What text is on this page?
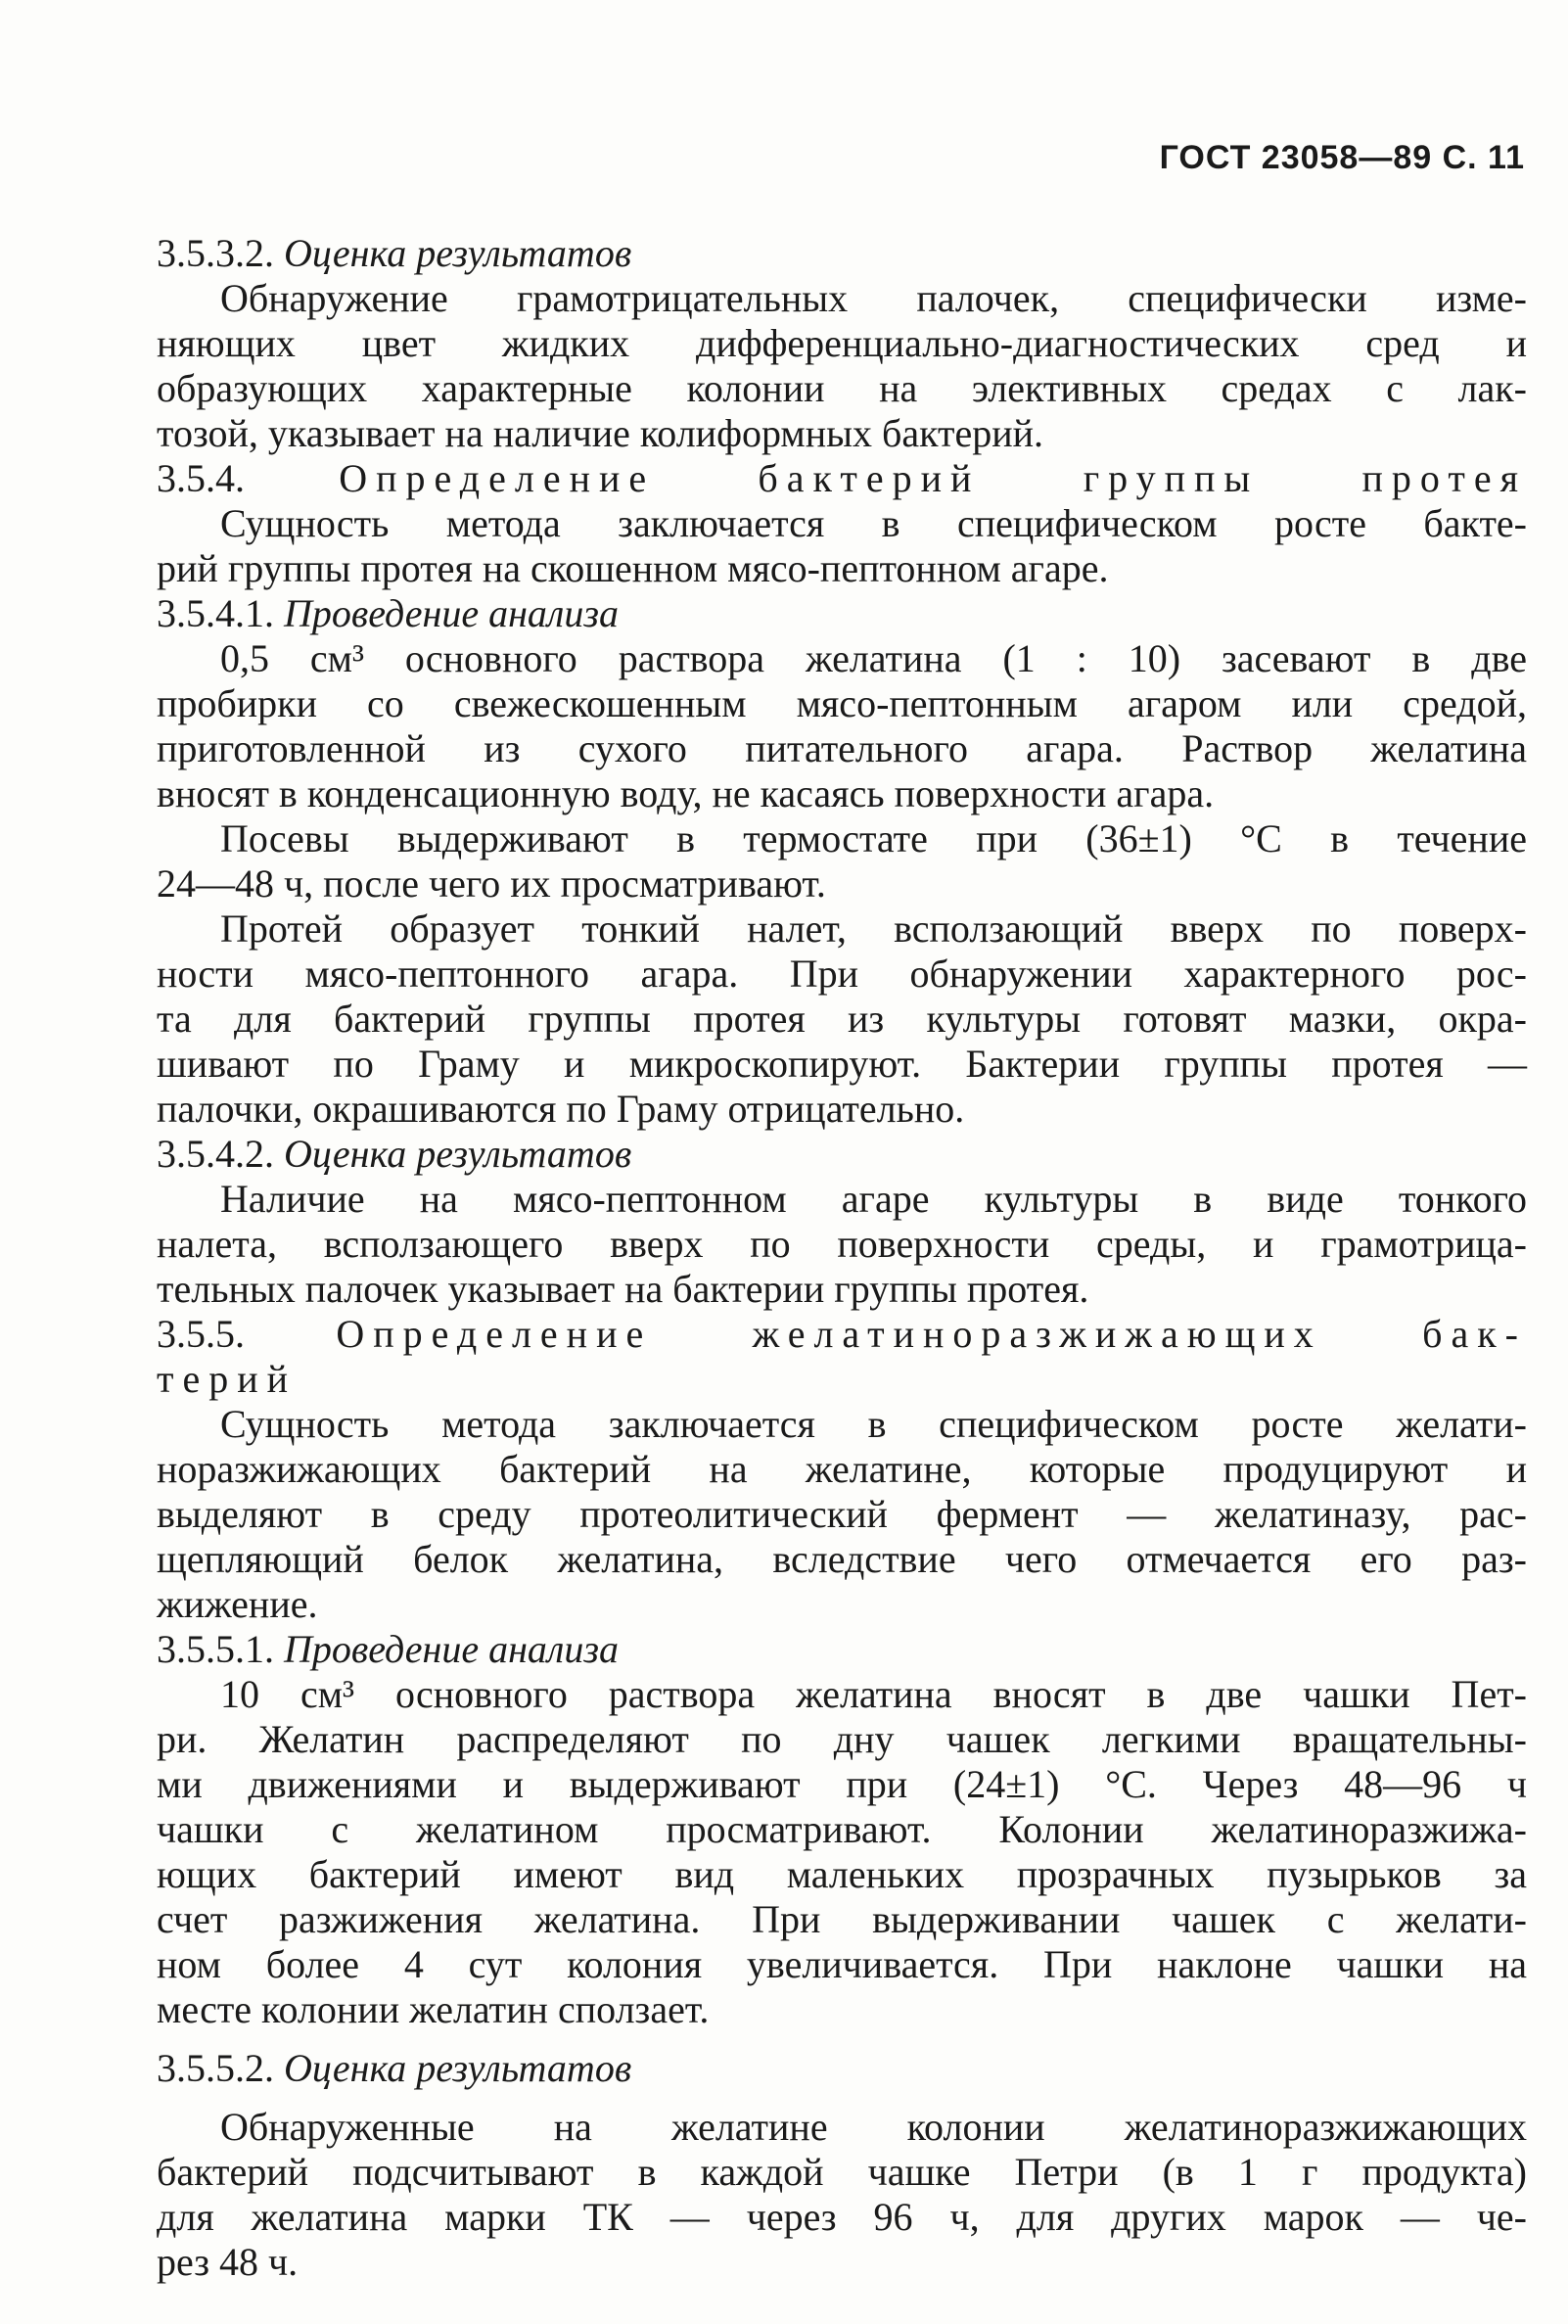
ГОСТ 23058—89 С. 11
3.5.3.2. Оценка результатов
Обнаружение грамотрицательных палочек, специфически изме-
няющих цвет жидких дифференциально-диагностических сред и
образующих характерные колонии на элективных средах с лак-
тозой, указывает на наличие колиформных бактерий.
3.5.4. Определение бактерий группы протея
Сущность метода заключается в специфическом росте бакте-
рий группы протея на скошенном мясо-пептонном агаре.
3.5.4.1. Проведение анализа
0,5 см³ основного раствора желатина (1 : 10) засевают в две
пробирки со свежескошенным мясо-пептонным агаром или средой,
приготовленной из сухого питательного агара. Раствор желатина
вносят в конденсационную воду, не касаясь поверхности агара.
Посевы выдерживают в термостате при (36±1) °С в течение
24—48 ч, после чего их просматривают.
Протей образует тонкий налет, всползающий вверх по поверх-
ности мясо-пептонного агара. При обнаружении характерного рос-
та для бактерий группы протея из культуры готовят мазки, окра-
шивают по Граму и микроскопируют. Бактерии группы протея —
палочки, окрашиваются по Граму отрицательно.
3.5.4.2. Оценка результатов
Наличие на мясо-пептонном агаре культуры в виде тонкого
налета, всползающего вверх по поверхности среды, и грамотрица-
тельных палочек указывает на бактерии группы протея.
3.5.5. Определение желатиноразжижающих бак-
терий
Сущность метода заключается в специфическом росте желати-
норазжижающих бактерий на желатине, которые продуцируют и
выделяют в среду протеолитический фермент — желатиназу, рас-
щепляющий белок желатина, вследствие чего отмечается его раз-
жижение.
3.5.5.1. Проведение анализа
10 см³ основного раствора желатина вносят в две чашки Пет-
ри. Желатин распределяют по дну чашек легкими вращательны-
ми движениями и выдерживают при (24±1) °С. Через 48—96 ч
чашки с желатином просматривают. Колонии желатиноразжижа-
ющих бактерий имеют вид маленьких прозрачных пузырьков за
счет разжижения желатина. При выдерживании чашек с желати-
ном более 4 сут колония увеличивается. При наклоне чашки на
месте колонии желатин сползает.
3.5.5.2. Оценка результатов
Обнаруженные на желатине колонии желатиноразжижающих
бактерий подсчитывают в каждой чашке Петри (в 1 г продукта)
для желатина марки ТК — через 96 ч, для других марок — че-
рез 48 ч.
